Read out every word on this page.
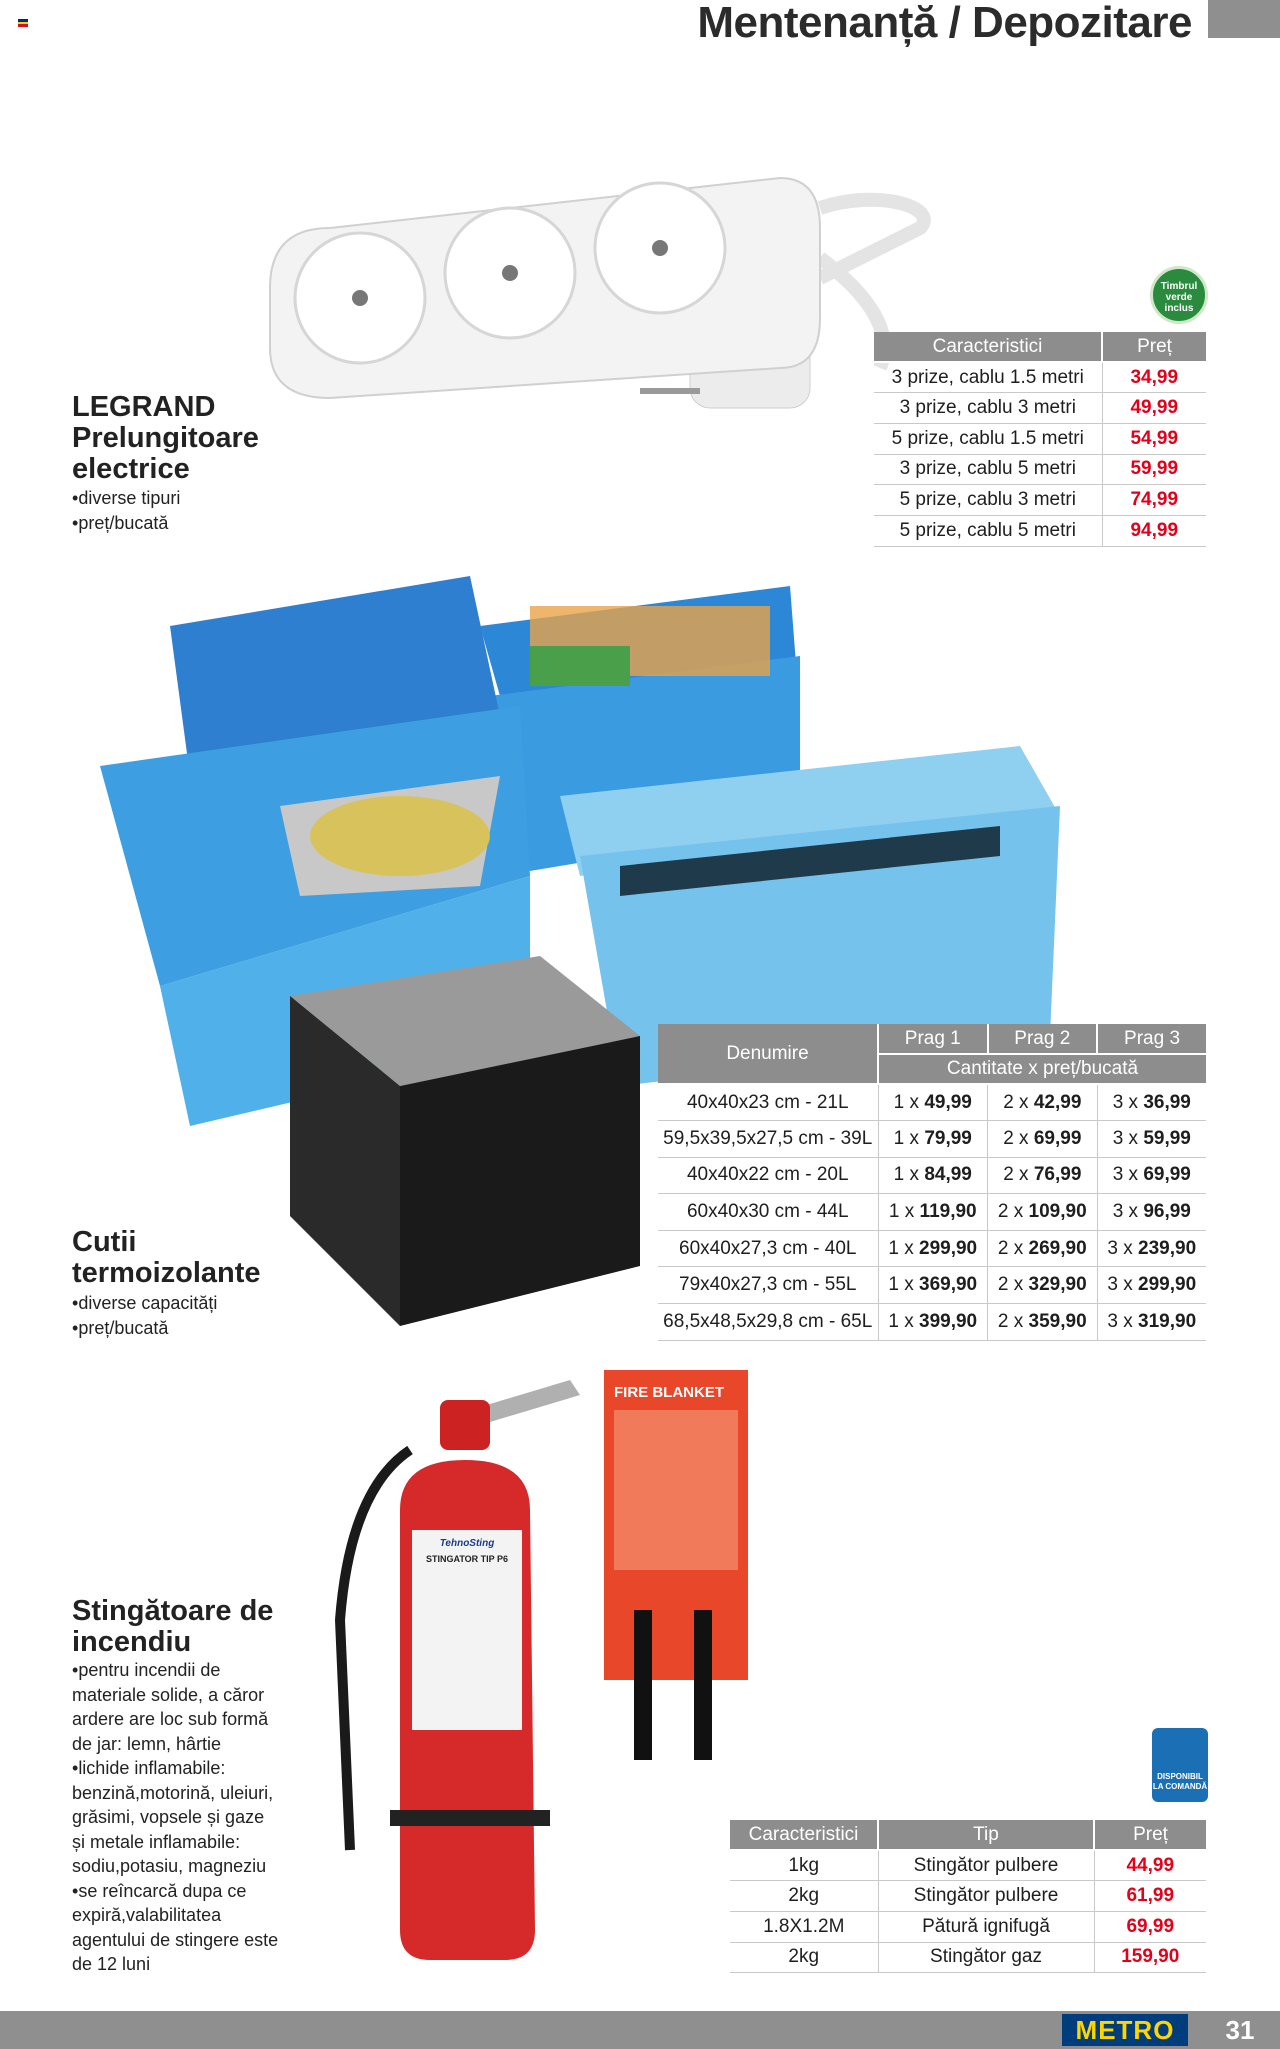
Mentenanță / Depozitare
Timbrul verde inclus
LEGRAND
Prelungitoare
electrice
• diverse tipuri
• preț/bucată
Caracteristici	Preț
3 prize, cablu 1.5 metri	34,99
3 prize, cablu 3 metri	49,99
5 prize, cablu 1.5 metri	54,99
3 prize, cablu 5 metri	59,99
5 prize, cablu 3 metri	74,99
5 prize, cablu 5 metri	94,99
Denumire	Prag 1	Prag 2	Prag 3
	Cantitate x preț/bucată		
40x40x23 cm - 21L	1 x 49,99	2 x 42,99	3 x 36,99
59,5x39,5x27,5 cm - 39L	1 x 79,99	2 x 69,99	3 x 59,99
40x40x22 cm - 20L	1 x 84,99	2 x 76,99	3 x 69,99
60x40x30 cm - 44L	1 x 119,90	2 x 109,90	3 x 96,99
60x40x27,3 cm - 40L	1 x 299,90	2 x 269,90	3 x 239,90
79x40x27,3 cm - 55L	1 x 369,90	2 x 329,90	3 x 299,90
68,5x48,5x29,8 cm - 65L	1 x 399,90	2 x 359,90	3 x 319,90
Cutii
termoizolante
• diverse capacități
• preț/bucată
TehnoSting
STINGATOR TIP P6
FIRE BLANKET
DISPONIBIL LA COMANDĂ
Stingătoare de
incendiu
• pentru incendii de
materiale solide, a căror
ardere are loc sub formă
de jar: lemn, hârtie
• lichide inflamabile:
benzină,motorină, uleiuri,
grăsimi, vopsele și gaze
și metale inflamabile:
sodiu,potasiu, magneziu
• se reîncarcă dupa ce
expiră,valabilitatea
agentului de stingere este
de 12 luni
Caracteristici	Tip	Preț
1kg	Stingător pulbere	44,99
2kg	Stingător pulbere	61,99
1.8X1.2M	Pătură ignifugă	69,99
2kg	Stingător gaz	159,90
METRO	31
